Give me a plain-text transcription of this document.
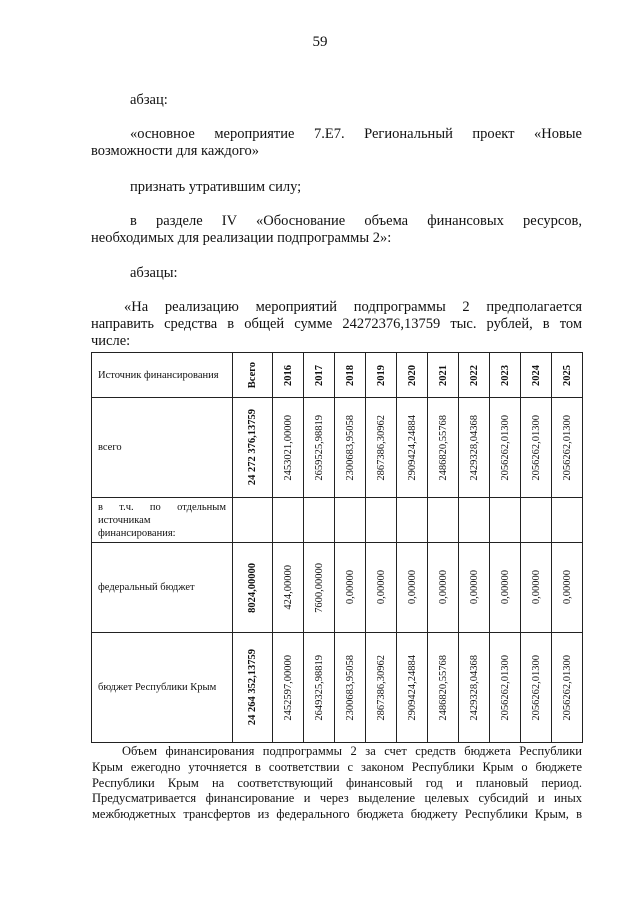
59
абзац:
«основное мероприятие 7.Е7. Региональный проект «Новые
возможности для каждого»
признать утратившим силу;
в разделе IV «Обоснование объема финансовых ресурсов,
необходимых для реализации подпрограммы 2»:
абзацы:
«На реализацию мероприятий подпрограммы 2 предполагается
направить средства в общей сумме 24272376,13759 тыс. рублей, в том
числе:
Источник финансирования	Всего	2016	2017	2018	2019	2020	2021	2022	2023	2024	2025

всего	24 272 376,13759	2453021,00000	2659525,98819	2300683,95058	2867386,30962	2909424,24884	2486820,55768	2429328,04368	2056262,01300	2056262,01300	2056262,01300

в т.ч. по отдельным источникам финансирования:											
федеральный бюджет	8024,00000	424,00000	7600,00000	0,00000	0,00000	0,00000	0,00000	0,00000	0,00000	0,00000	0,00000

бюджет Республики Крым	24 264 352,13759	2452597,00000	2649325,98819	2300683,95058	2867386,30962	2909424,24884	2486820,55768	2429328,04368	2056262,01300	2056262,01300	2056262,01300
Объем финансирования подпрограммы 2 за счет средств бюджета Республики
Крым ежегодно уточняется в соответствии с законом Республики Крым о бюджете
Республики Крым на соответствующий финансовый год и плановый период.
Предусматривается финансирование и через выделение целевых субсидий и иных
межбюджетных трансфертов из федерального бюджета бюджету Республики Крым, в
